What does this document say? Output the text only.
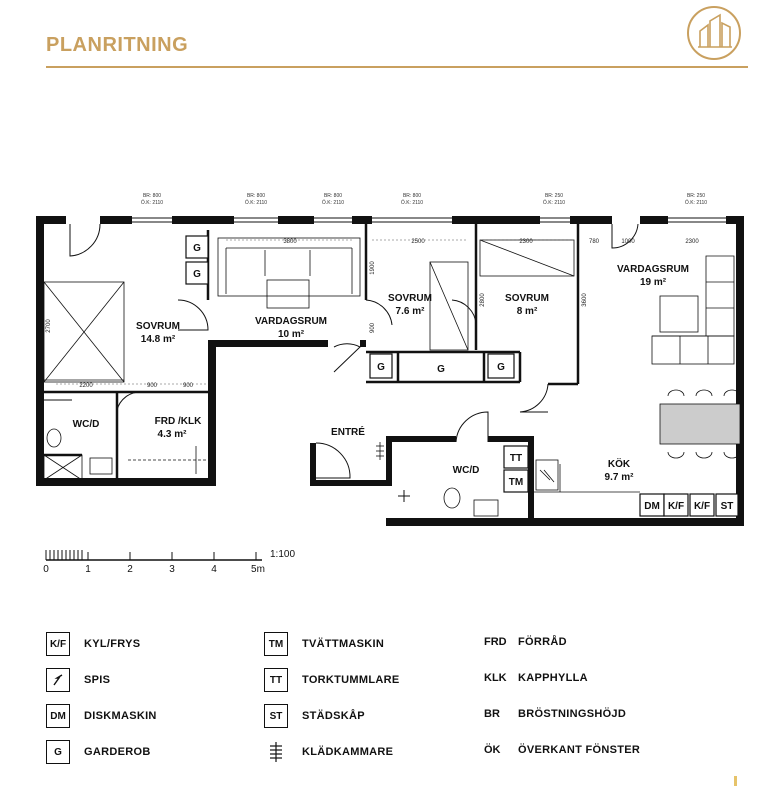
PLANRITNING
BR: 800
Ö.K: 2110
BR: 800
Ö.K: 2110
BR: 800
Ö.K: 2110
BR: 800
Ö.K: 2110
BR: 250
Ö.K: 2110
BR: 250
Ö.K: 2110
G
G
G	G	G
TT
TM
DM K/F K/F ST
SOVRUM
14.8 m²
VARDAGSRUM
10 m²
SOVRUM
7.6 m²
SOVRUM
8 m²
VARDAGSRUM
19 m²
WC/D	FRD /KLK
4.3 m²	ENTRÉ
WC/D
KÖK
9.7 m²
3800	2500	2300	780	1000	2300
2700
1900
900
2800	3600
2200	900	900
0	1	2	3	4	5m
1:100
K/F	KYL/FRYS
SPIS
DM	DISKMASKIN
G	GARDEROB
TM	TVÄTTMASKIN
TT	TORKTUMMLARE
ST	STÄDSKÅP
KLÄDKAMMARE
FRD	FÖRRÅD
KLK	KAPPHYLLA
BR	BRÖSTNINGSHÖJD
ÖK	ÖVERKANT FÖNSTER
